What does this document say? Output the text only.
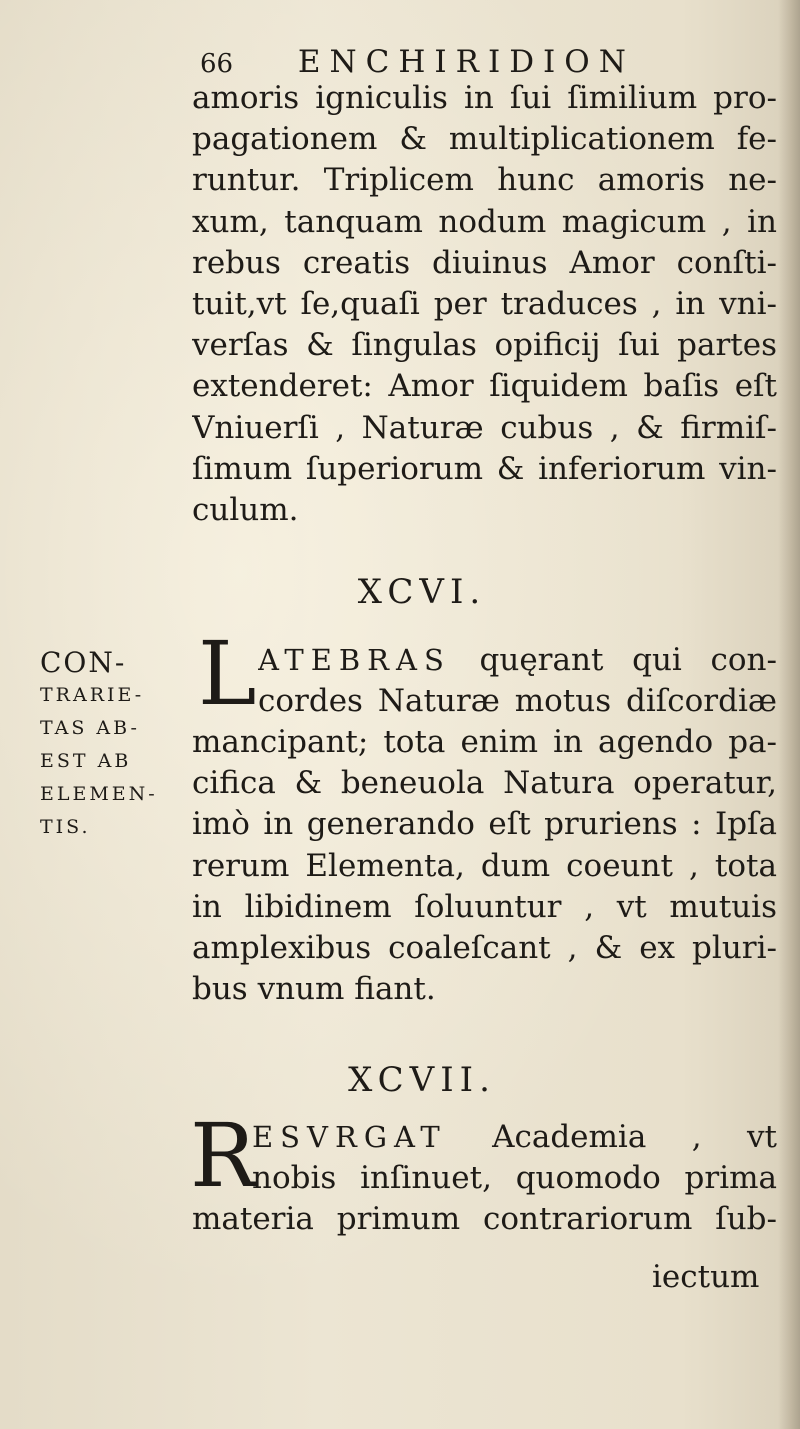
66 ENCHIRIDION
amoris igniculis in ſui ſimilium pro-
pagationem & multiplicationem fe-
runtur. Triplicem hunc amoris ne-
xum, tanquam nodum magicum , in
rebus creatis diuinus Amor conſti-
tuit,vt ſe,quaſi per traduces , in vni-
verſas & ſingulas opificij ſui partes
extenderet: Amor ſiquidem baſis eſt
Vniuerſi , Naturæ cubus , & firmiſ-
ſimum ſuperiorum & inferiorum vin-
culum.
XCVI.
L ATEBRAS quęrant qui con-
cordes Naturæ motus diſcordiæ
mancipant; tota enim in agendo pa-
cifica & beneuola Natura operatur,
imò in generando eſt pruriens : Ipſa
rerum Elementa, dum coeunt , tota
in libidinem ſoluuntur , vt mutuis
amplexibus coaleſcant , & ex pluri-
bus vnum fiant.
CON-
TRARIE-
TAS AB-
EST AB
ELEMEN-
TIS.
XCVII.
R
ESVRGAT Academia , vt
nobis inſinuet, quomodo prima
materia primum contrariorum ſub-
iectum
